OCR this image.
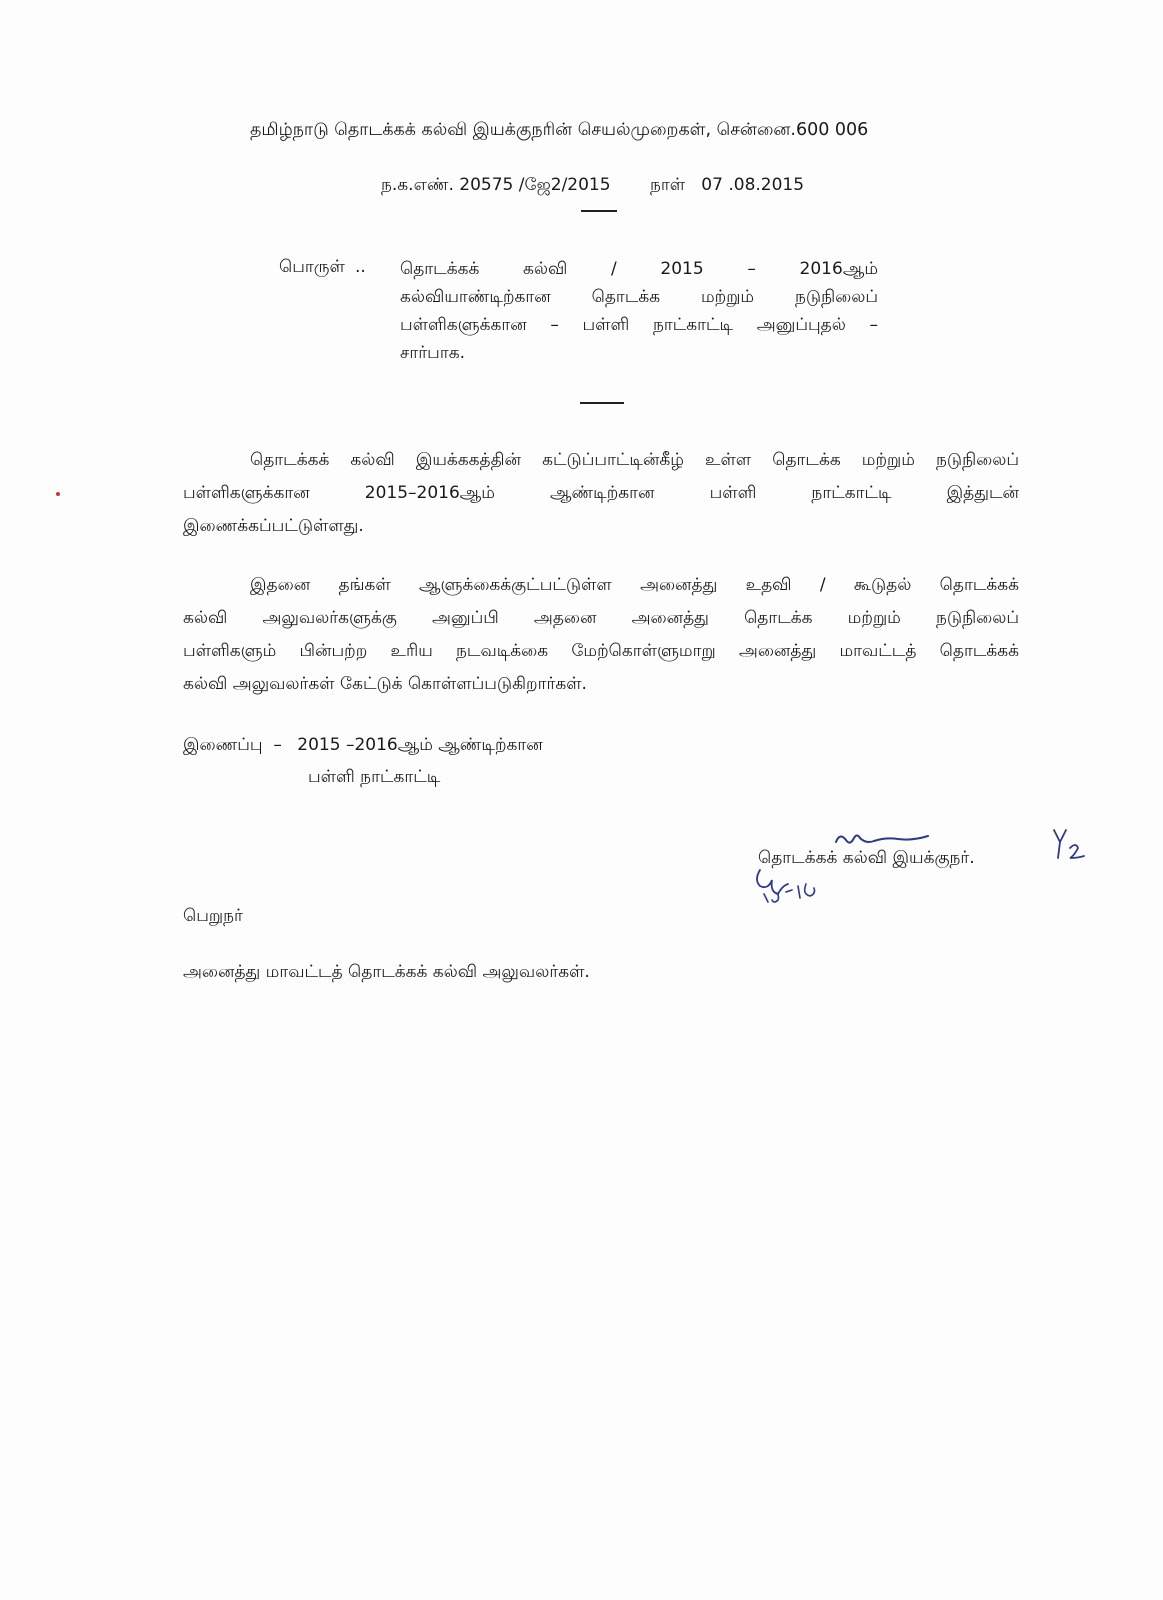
தமிழ்நாடு தொடக்கக் கல்வி இயக்குநரின் செயல்முறைகள், சென்னை.600 006
ந.க.எண். 20575 /ஜே2/2015 நாள்   07 .08.2015
பொருள் .. தொடக்கக் கல்வி / 2015 – 2016ஆம்
கல்வியாண்டிற்கான தொடக்க மற்றும் நடுநிலைப்
பள்ளிகளுக்கான – பள்ளி நாட்காட்டி அனுப்புதல் –
சார்பாக.
தொடக்கக் கல்வி இயக்ககத்தின் கட்டுப்பாட்டின்கீழ் உள்ள தொடக்க மற்றும் நடுநிலைப்
பள்ளிகளுக்கான 2015–2016ஆம் ஆண்டிற்கான பள்ளி நாட்காட்டி இத்துடன்
இணைக்கப்பட்டுள்ளது.
இதனை தங்கள் ஆளுக்கைக்குட்பட்டுள்ள அனைத்து உதவி / கூடுதல் தொடக்கக்
கல்வி அலுவலர்களுக்கு அனுப்பி அதனை அனைத்து தொடக்க மற்றும் நடுநிலைப்
பள்ளிகளும் பின்பற்ற உரிய நடவடிக்கை மேற்கொள்ளுமாறு அனைத்து மாவட்டத் தொடக்கக்
கல்வி அலுவலர்கள் கேட்டுக் கொள்ளப்படுகிறார்கள்.
இணைப்பு  – 2015 –2016ஆம் ஆண்டிற்கான
பள்ளி நாட்காட்டி
தொடக்கக் கல்வி இயக்குநர்.
பெறுநர்
அனைத்து மாவட்டத் தொடக்கக் கல்வி அலுவலர்கள்.
